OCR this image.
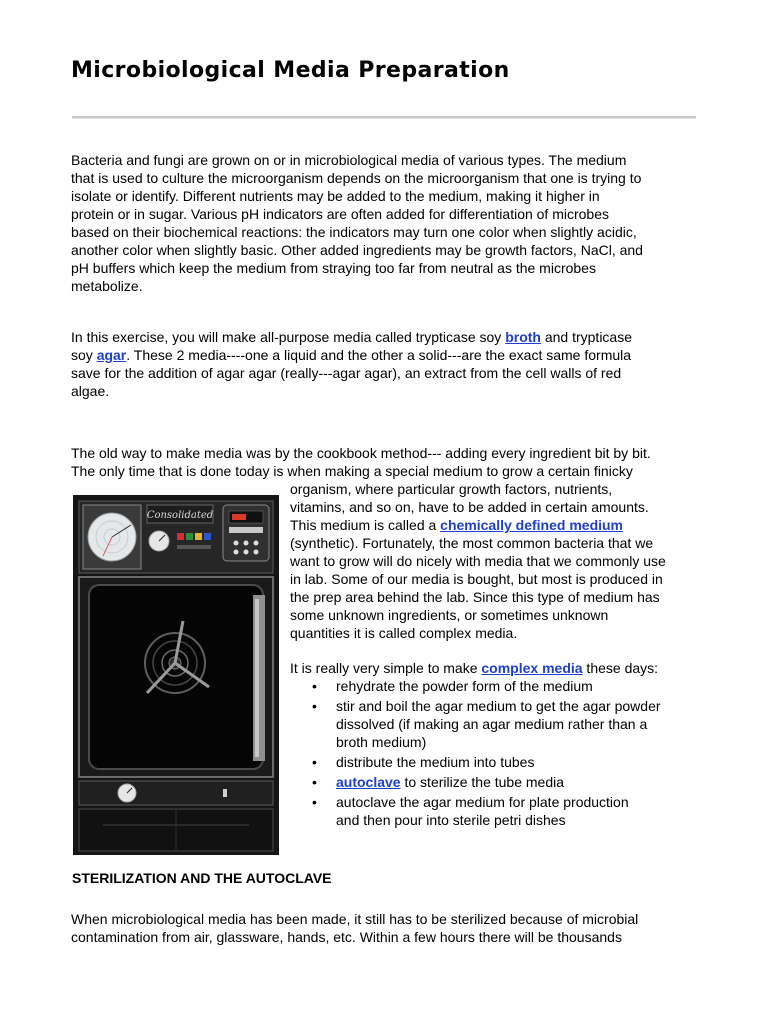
Microbiological Media Preparation

Bacteria and fungi are grown on or in microbiological media of various types. The medium
that is used to culture the microorganism depends on the microorganism that one is trying to
isolate or identify. Different nutrients may be added to the medium, making it higher in
protein or in sugar. Various pH indicators are often added for differentiation of microbes
based on their biochemical reactions: the indicators may turn one color when slightly acidic,
another color when slightly basic. Other added ingredients may be growth factors, NaCl, and
pH buffers which keep the medium from straying too far from neutral as the microbes
metabolize.

In this exercise, you will make all-purpose media called trypticase soy broth and trypticase
soy agar. These 2 media----one a liquid and the other a solid---are the exact same formula
save for the addition of agar agar (really---agar agar), an extract from the cell walls of red
algae.

The old way to make media was by the cookbook method--- adding every ingredient bit by bit.
The only time that is done today is when making a special medium to grow a certain finicky

organism, where particular growth factors, nutrients,
vitamins, and so on, have to be added in certain amounts.
This medium is called a chemically defined medium
(synthetic). Fortunately, the most common bacteria that we
want to grow will do nicely with media that we commonly use
in lab. Some of our media is bought, but most is produced in
the prep area behind the lab. Since this type of medium has
some unknown ingredients, or sometimes unknown
quantities it is called complex media.

It is really very simple to make complex media these days:

• rehydrate the powder form of the medium
• stir and boil the agar medium to get the agar powder
dissolved (if making an agar medium rather than a
broth medium)
• distribute the medium into tubes
• autoclave to sterilize the tube media
• autoclave the agar medium for plate production
and then pour into sterile petri dishes
Consolidated
STERILIZATION AND THE AUTOCLAVE

When microbiological media has been made, it still has to be sterilized because of microbial
contamination from air, glassware, hands, etc. Within a few hours there will be thousands
